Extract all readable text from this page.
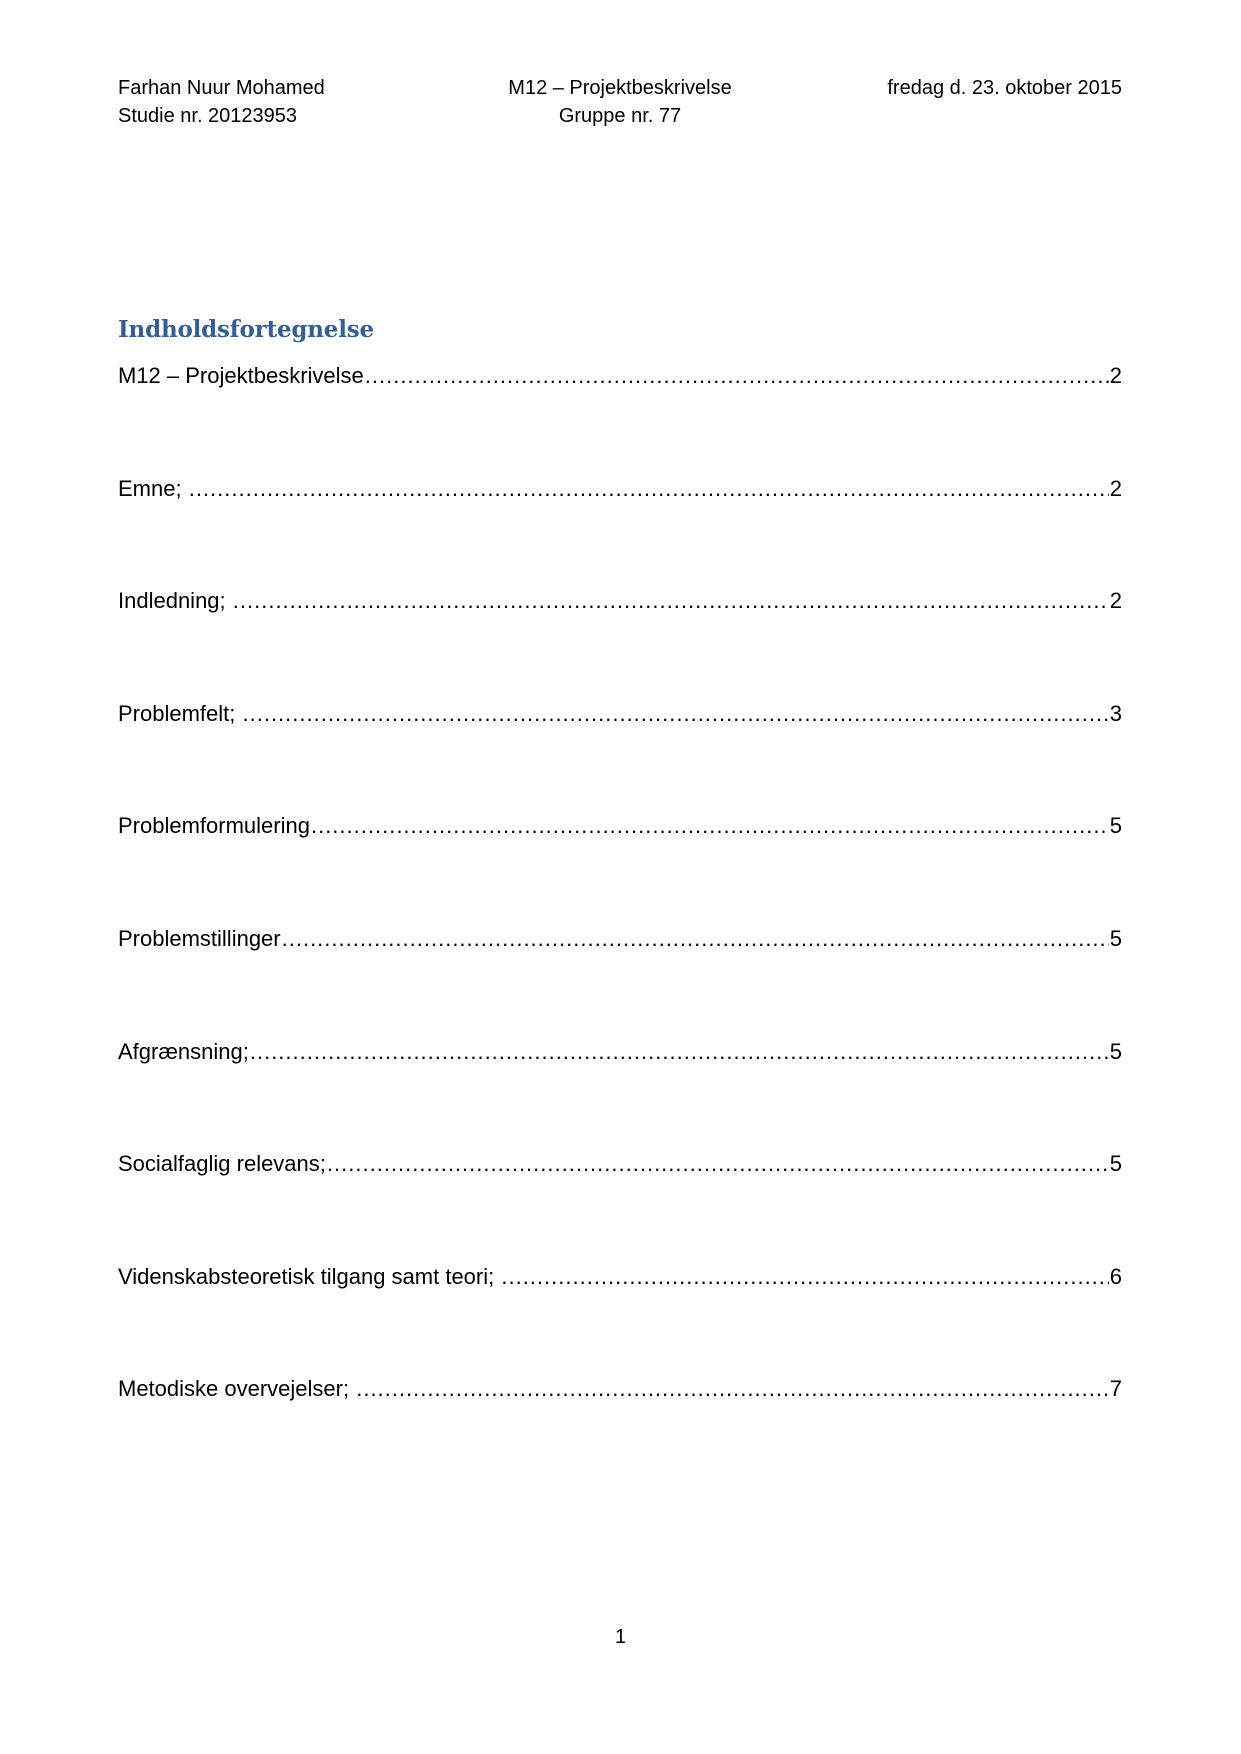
Farhan Nuur Mohamed
Studie nr. 20123953
M12 – Projektbeskrivelse
Gruppe nr. 77
fredag d. 23. oktober 2015
Indholdsfortegnelse
M12 – Projektbeskrivelse .....	2
Emne; .....	2
Indledning; .....	2
Problemfelt; .....	3
Problemformulering .....	5
Problemstillinger .....	5
Afgrænsning; .....	5
Socialfaglig relevans; .....	5
Videnskabsteoretisk tilgang samt teori; .....	6
Metodiske overvejelser; .....	7
1
